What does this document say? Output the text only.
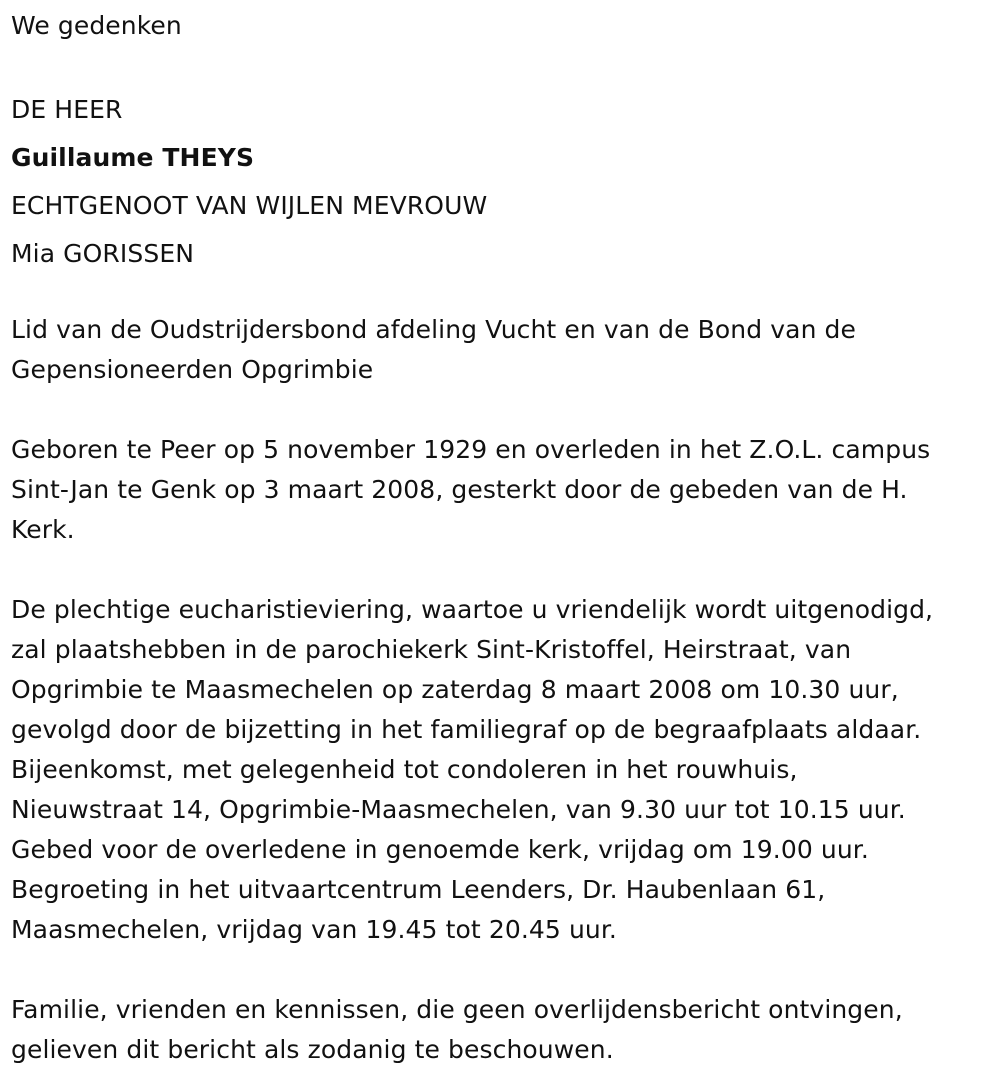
We gedenken
DE HEER
Guillaume THEYS
ECHTGENOOT VAN WIJLEN MEVROUW
Mia GORISSEN
Lid van de Oudstrijdersbond afdeling Vucht en van de Bond van de
Gepensioneerden Opgrimbie
Geboren te Peer op 5 november 1929 en overleden in het Z.O.L. campus
Sint-Jan te Genk op 3 maart 2008, gesterkt door de gebeden van de H.
Kerk.
De plechtige eucharistieviering, waartoe u vriendelijk wordt uitgenodigd,
zal plaatshebben in de parochiekerk Sint-Kristoffel, Heirstraat, van
Opgrimbie te Maasmechelen op zaterdag 8 maart 2008 om 10.30 uur,
gevolgd door de bijzetting in het familiegraf op de begraafplaats aldaar.
Bijeenkomst, met gelegenheid tot condoleren in het rouwhuis,
Nieuwstraat 14, Opgrimbie-Maasmechelen, van 9.30 uur tot 10.15 uur.
Gebed voor de overledene in genoemde kerk, vrijdag om 19.00 uur.
Begroeting in het uitvaartcentrum Leenders, Dr. Haubenlaan 61,
Maasmechelen, vrijdag van 19.45 tot 20.45 uur.
Familie, vrienden en kennissen, die geen overlijdensbericht ontvingen,
gelieven dit bericht als zodanig te beschouwen.
